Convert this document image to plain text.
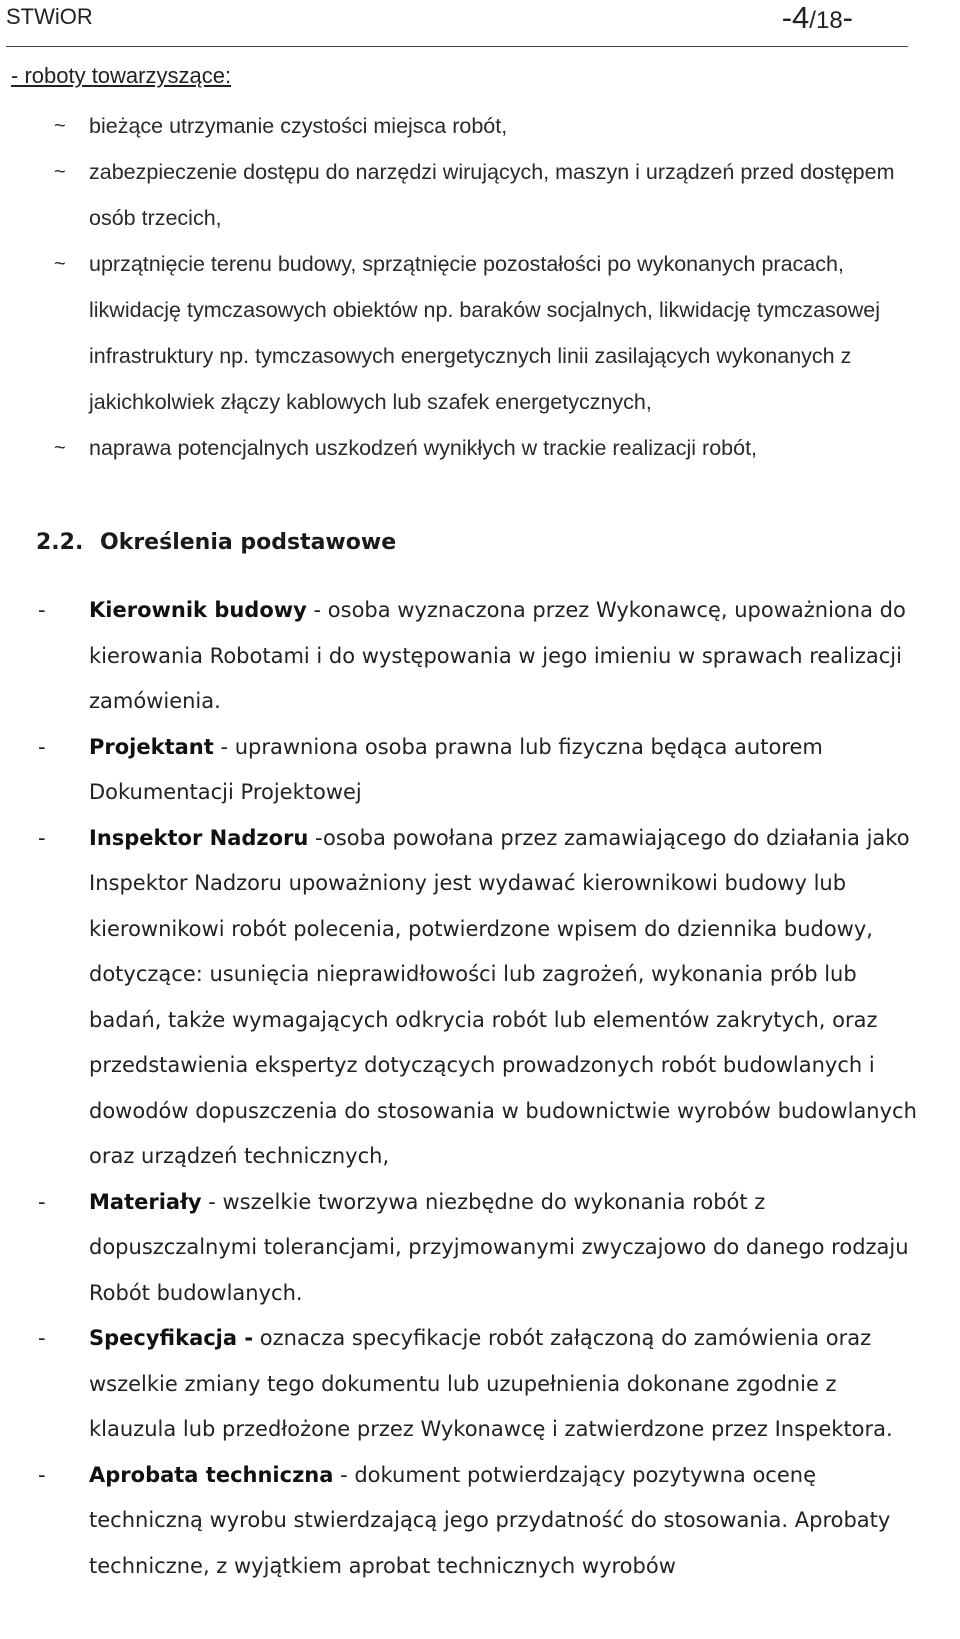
STWiOR	-4/18-
- roboty towarzyszące:
~ bieżące utrzymanie czystości miejsca robót,
~ zabezpieczenie dostępu do narzędzi wirujących, maszyn i urządzeń przed dostępem osób trzecich,
~ uprzątnięcie terenu budowy, sprzątnięcie pozostałości po wykonanych pracach, likwidację tymczasowych obiektów np. baraków socjalnych, likwidację tymczasowej infrastruktury np. tymczasowych energetycznych linii zasilających wykonanych z jakichkolwiek złączy kablowych lub szafek energetycznych,
~ naprawa potencjalnych uszkodzeń wynikłych w trackie realizacji robót,
2.2. Określenia podstawowe
- Kierownik budowy - osoba wyznaczona przez Wykonawcę, upoważniona do kierowania Robotami i do występowania w jego imieniu w sprawach realizacji zamówienia.
- Projektant - uprawniona osoba prawna lub fizyczna będąca autorem Dokumentacji Projektowej
- Inspektor Nadzoru -osoba powołana przez zamawiającego do działania jako Inspektor Nadzoru upoważniony jest wydawać kierownikowi budowy lub kierownikowi robót polecenia, potwierdzone wpisem do dziennika budowy, dotyczące: usunięcia nieprawidłowości lub zagrożeń, wykonania prób lub badań, także wymagających odkrycia robót lub elementów zakrytych, oraz przedstawienia ekspertyz dotyczących prowadzonych robót budowlanych i dowodów dopuszczenia do stosowania w budownictwie wyrobów budowlanych oraz urządzeń technicznych,
- Materiały - wszelkie tworzywa niezbędne do wykonania robót z dopuszczalnymi tolerancjami, przyjmowanymi zwyczajowo do danego rodzaju Robót budowlanych.
- Specyfikacja - oznacza specyfikacje robót załączoną do zamówienia oraz wszelkie zmiany tego dokumentu lub uzupełnienia dokonane zgodnie z klauzula lub przedłożone przez Wykonawcę i zatwierdzone przez Inspektora.
- Aprobata techniczna - dokument potwierdzający pozytywna ocenę techniczną wyrobu stwierdzającą jego przydatność do stosowania. Aprobaty techniczne, z wyjątkiem aprobat technicznych wyrobów
